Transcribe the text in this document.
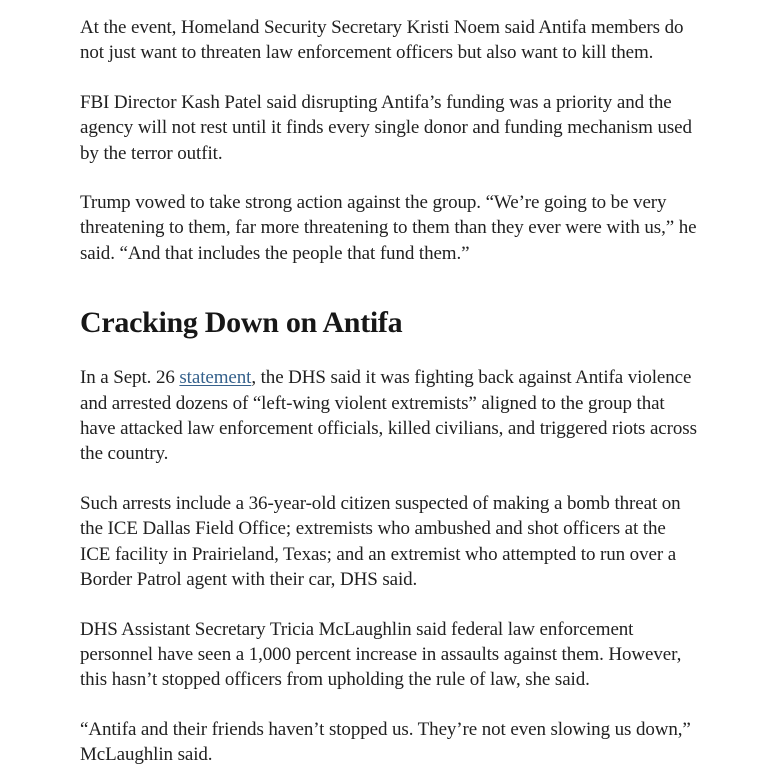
At the event, Homeland Security Secretary Kristi Noem said Antifa members do not just want to threaten law enforcement officers but also want to kill them.

FBI Director Kash Patel said disrupting Antifa’s funding was a priority and the agency will not rest until it finds every single donor and funding mechanism used by the terror outfit.

Trump vowed to take strong action against the group. “We’re going to be very threatening to them, far more threatening to them than they ever were with us,” he said. “And that includes the people that fund them.”

Cracking Down on Antifa

In a Sept. 26 statement, the DHS said it was fighting back against Antifa violence and arrested dozens of “left-wing violent extremists” aligned to the group that have attacked law enforcement officials, killed civilians, and triggered riots across the country.

Such arrests include a 36-year-old citizen suspected of making a bomb threat on the ICE Dallas Field Office; extremists who ambushed and shot officers at the ICE facility in Prairieland, Texas; and an extremist who attempted to run over a Border Patrol agent with their car, DHS said.

DHS Assistant Secretary Tricia McLaughlin said federal law enforcement personnel have seen a 1,000 percent increase in assaults against them. However, this hasn’t stopped officers from upholding the rule of law, she said.

“Antifa and their friends haven’t stopped us. They’re not even slowing us down,” McLaughlin said.
